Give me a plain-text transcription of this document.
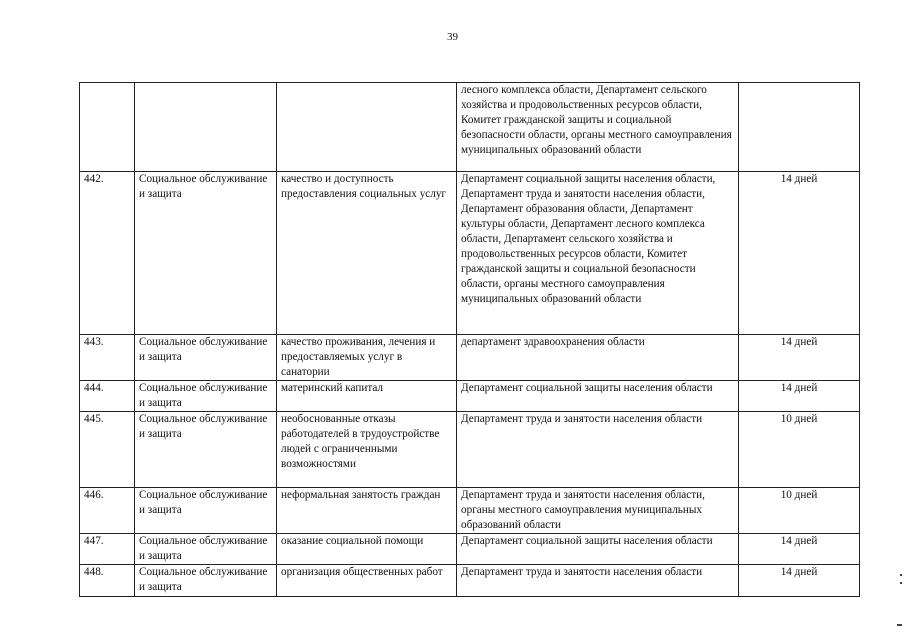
39
			лесного комплекса области, Департамент сельского хозяйства и продовольственных ресурсов области, Комитет гражданской защиты и социальной безопасности области, органы местного самоуправления муниципальных образований области	
442.	Социальное обслуживание и защита	качество и доступность предоставления социальных услуг	Департамент социальной защиты населения области, Департамент труда и занятости населения области, Департамент образования области, Департамент культуры области, Департамент лесного комплекса области, Департамент сельского хозяйства и продовольственных ресурсов области, Комитет гражданской защиты и социальной безопасности области, органы местного самоуправления муниципальных образований области	14 дней
443.	Социальное обслуживание и защита	качество проживания, лечения и предоставляемых услуг в санатории	департамент здравоохранения области	14 дней
444.	Социальное обслуживание и защита	материнский капитал	Департамент социальной защиты населения области	14 дней
445.	Социальное обслуживание и защита	необоснованные отказы работодателей в трудоустройстве людей с ограниченными возможностями	Департамент труда и занятости населения области	10 дней
446.	Социальное обслуживание и защита	неформальная занятость граждан	Департамент труда и занятости населения области, органы местного самоуправления муниципальных образований области	10 дней
447.	Социальное обслуживание и защита	оказание социальной помощи	Департамент социальной защиты населения области	14 дней
448.	Социальное обслуживание и защита	организация общественных работ	Департамент труда и занятости населения области	14 дней
